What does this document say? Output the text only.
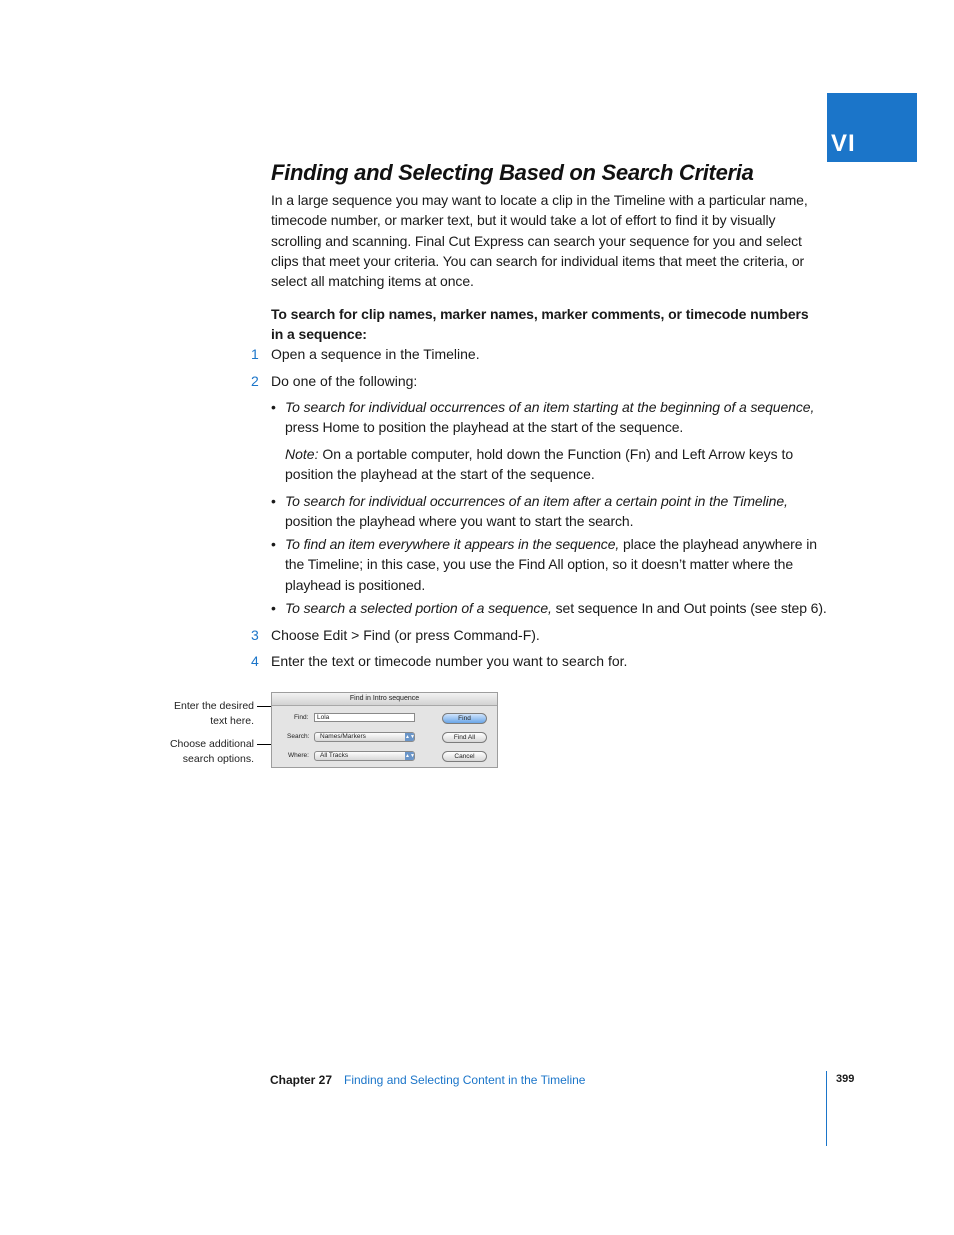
VI
Finding and Selecting Based on Search Criteria

In a large sequence you may want to locate a clip in the Timeline with a particular name, timecode number, or marker text, but it would take a lot of effort to find it by visually scrolling and scanning. Final Cut Express can search your sequence for you and select clips that meet your criteria. You can search for individual items that meet the criteria, or select all matching items at once.

To search for clip names, marker names, marker comments, or timecode numbers in a sequence:

1 Open a sequence in the Timeline.
2 Do one of the following:
• To search for individual occurrences of an item starting at the beginning of a sequence, press Home to position the playhead at the start of the sequence.
Note: On a portable computer, hold down the Function (Fn) and Left Arrow keys to position the playhead at the start of the sequence.
• To search for individual occurrences of an item after a certain point in the Timeline, position the playhead where you want to start the search.
• To find an item everywhere it appears in the sequence, place the playhead anywhere in the Timeline; in this case, you use the Find All option, so it doesn’t matter where the playhead is positioned.
• To search a selected portion of a sequence, set sequence In and Out points (see step 6).
3 Choose Edit > Find (or press Command-F).
4 Enter the text or timecode number you want to search for.
Enter the desired
text here.
Choose additional
search options.
Find in Intro sequence
Find:	Lola
Search:	Names/Markers	▲▼
Where:	All Tracks	▲▼
Find
Find All
Cancel
Chapter 27 Finding and Selecting Content in the Timeline	399
